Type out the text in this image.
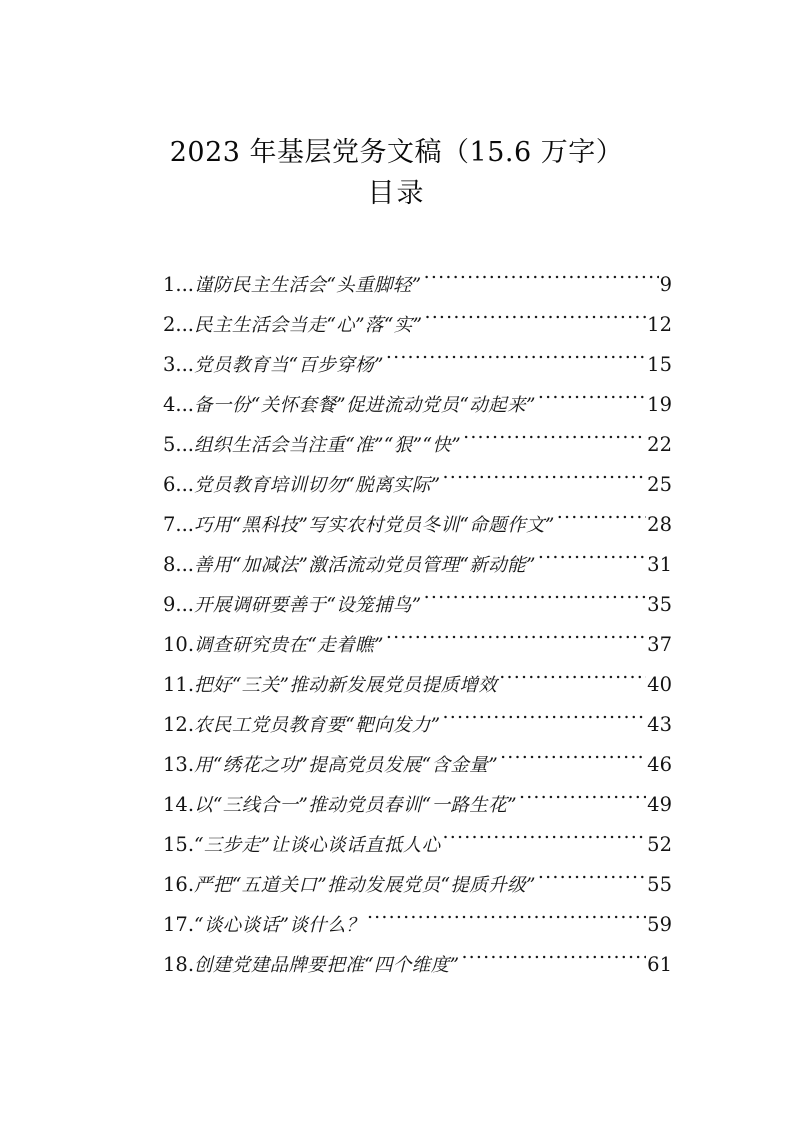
2023 年基层党务文稿（15.6 万字）
目录
1... 谨防民主生活会“头重脚轻” .....	9
2... 民主生活会当走“心”落“实” .....	12
3... 党员教育当“百步穿杨” .....	15
4... 备一份“关怀套餐”促进流动党员“动起来” .....	19
5... 组织生活会当注重“准”“狠”“快” .....	22
6... 党员教育培训切勿“脱离实际” .....	25
7... 巧用“黑科技”写实农村党员冬训“命题作文” .....	28
8... 善用“加减法”激活流动党员管理“新动能” .....	31
9... 开展调研要善于“设笼捕鸟” .....	35
10. 调查研究贵在“走着瞧” .....	37
11. 把好“三关”推动新发展党员提质增效 .....	40
12. 农民工党员教育要“靶向发力” .....	43
13. 用“绣花之功”提高党员发展“含金量” .....	46
14. 以“三线合一”推动党员春训“一路生花” .....	49
15. “三步走”让谈心谈话直抵人心 .....	52
16. 严把“五道关口”推动发展党员“提质升级” .....	55
17. “谈心谈话”谈什么？ .....	59
18. 创建党建品牌要把准“四个维度” .....	61
